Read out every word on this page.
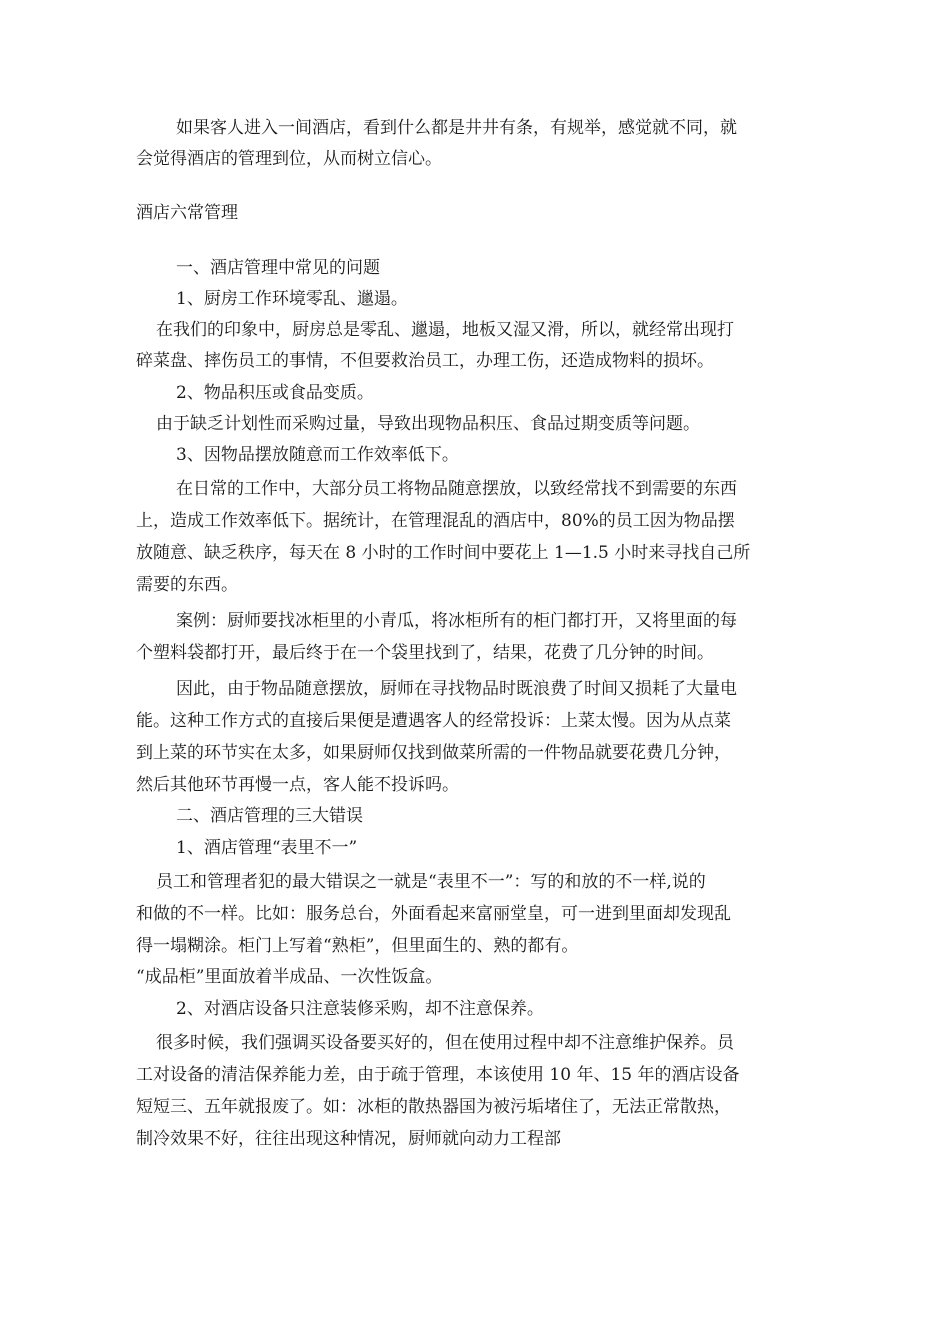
如果客人进入一间酒店，看到什么都是井井有条，有规举，感觉就不同，就

会觉得酒店的管理到位，从而树立信心。

酒店六常管理

一、酒店管理中常见的问题

1、厨房工作环境零乱、邋遢。

在我们的印象中，厨房总是零乱、邋遢，地板又湿又滑，所以，就经常出现打

碎菜盘、摔伤员工的事情，不但要救治员工，办理工伤，还造成物料的损坏。

2、物品积压或食品变质。

由于缺乏计划性而采购过量，导致出现物品积压、食品过期变质等问题。

3、因物品摆放随意而工作效率低下。

在日常的工作中，大部分员工将物品随意摆放，以致经常找不到需要的东西

上，造成工作效率低下。据统计，在管理混乱的酒店中，80%的员工因为物品摆

放随意、缺乏秩序，每天在 8 小时的工作时间中要花上 1—1.5 小时来寻找自己所

需要的东西。

案例：厨师要找冰柜里的小青瓜，将冰柜所有的柜门都打开，又将里面的每

个塑料袋都打开，最后终于在一个袋里找到了，结果，花费了几分钟的时间。

因此，由于物品随意摆放，厨师在寻找物品时既浪费了时间又损耗了大量电

能。这种工作方式的直接后果便是遭遇客人的经常投诉：上菜太慢。因为从点菜

到上菜的环节实在太多，如果厨师仅找到做菜所需的一件物品就要花费几分钟，

然后其他环节再慢一点，客人能不投诉吗。

二、酒店管理的三大错误

1、酒店管理“表里不一”

员工和管理者犯的最大错误之一就是“表里不一”：写的和放的不一样,说的

和做的不一样。比如：服务总台，外面看起来富丽堂皇，可一进到里面却发现乱

得一塌糊涂。柜门上写着“熟柜”，但里面生的、熟的都有。

“成品柜”里面放着半成品、一次性饭盒。

2、对酒店设备只注意装修采购，却不注意保养。

很多时候，我们强调买设备要买好的，但在使用过程中却不注意维护保养。员

工对设备的清洁保养能力差，由于疏于管理，本该使用 10 年、15 年的酒店设备

短短三、五年就报废了。如：冰柜的散热器国为被污垢堵住了，无法正常散热，

制冷效果不好，往往出现这种情况，厨师就向动力工程部
